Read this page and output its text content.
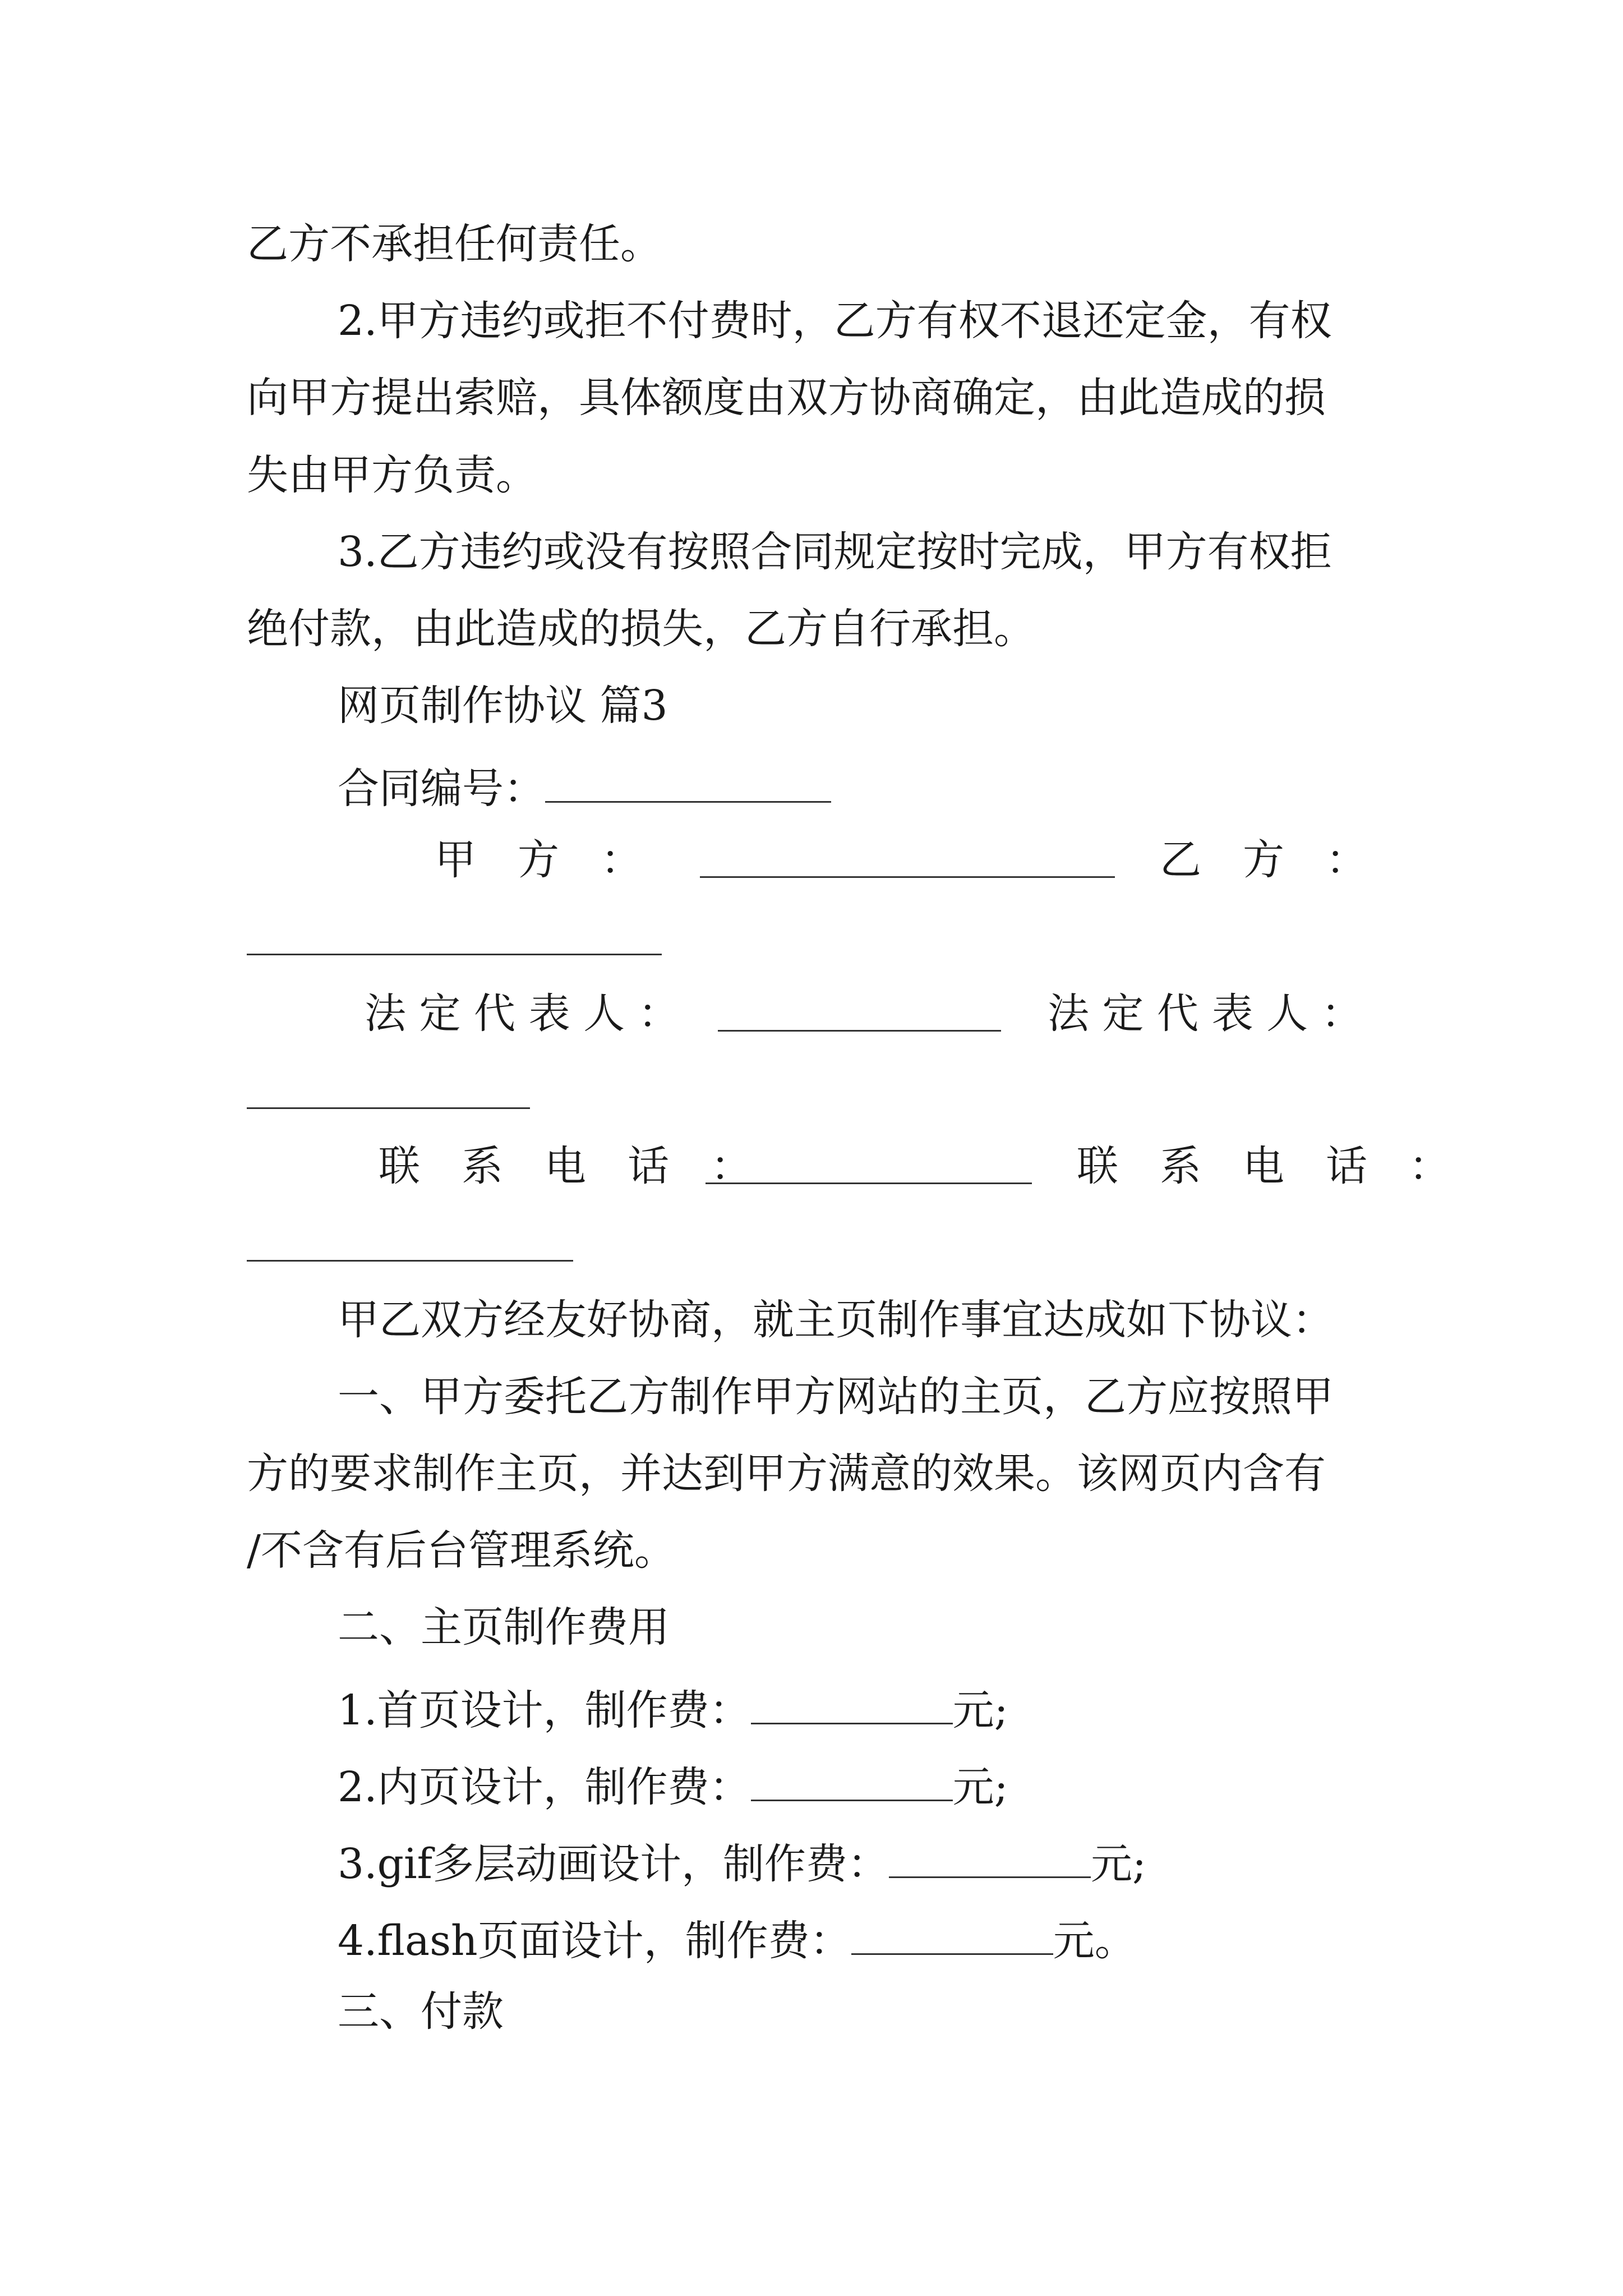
乙方不承担任何责任。

2.甲方违约或拒不付费时，乙方有权不退还定金，有权

向甲方提出索赔，具体额度由双方协商确定，由此造成的损

失由甲方负责。

3.乙方违约或没有按照合同规定按时完成，甲方有权拒

绝付款，由此造成的损失，乙方自行承担。

网页制作协议 篇3

合同编号：

甲　方　：	乙　方　：
法 定 代 表 人 ：	法 定 代 表 人 ：
联　系　电　话　：	联　系　电　话　：

甲乙双方经友好协商，就主页制作事宜达成如下协议：

一、甲方委托乙方制作甲方网站的主页，乙方应按照甲

方的要求制作主页，并达到甲方满意的效果。该网页内含有

/不含有后台管理系统。

二、主页制作费用

1.首页设计，制作费：	元;

2.内页设计，制作费：	元;

3.gif多层动画设计，制作费：	元;

4.flash页面设计，制作费：	元。

三、付款
